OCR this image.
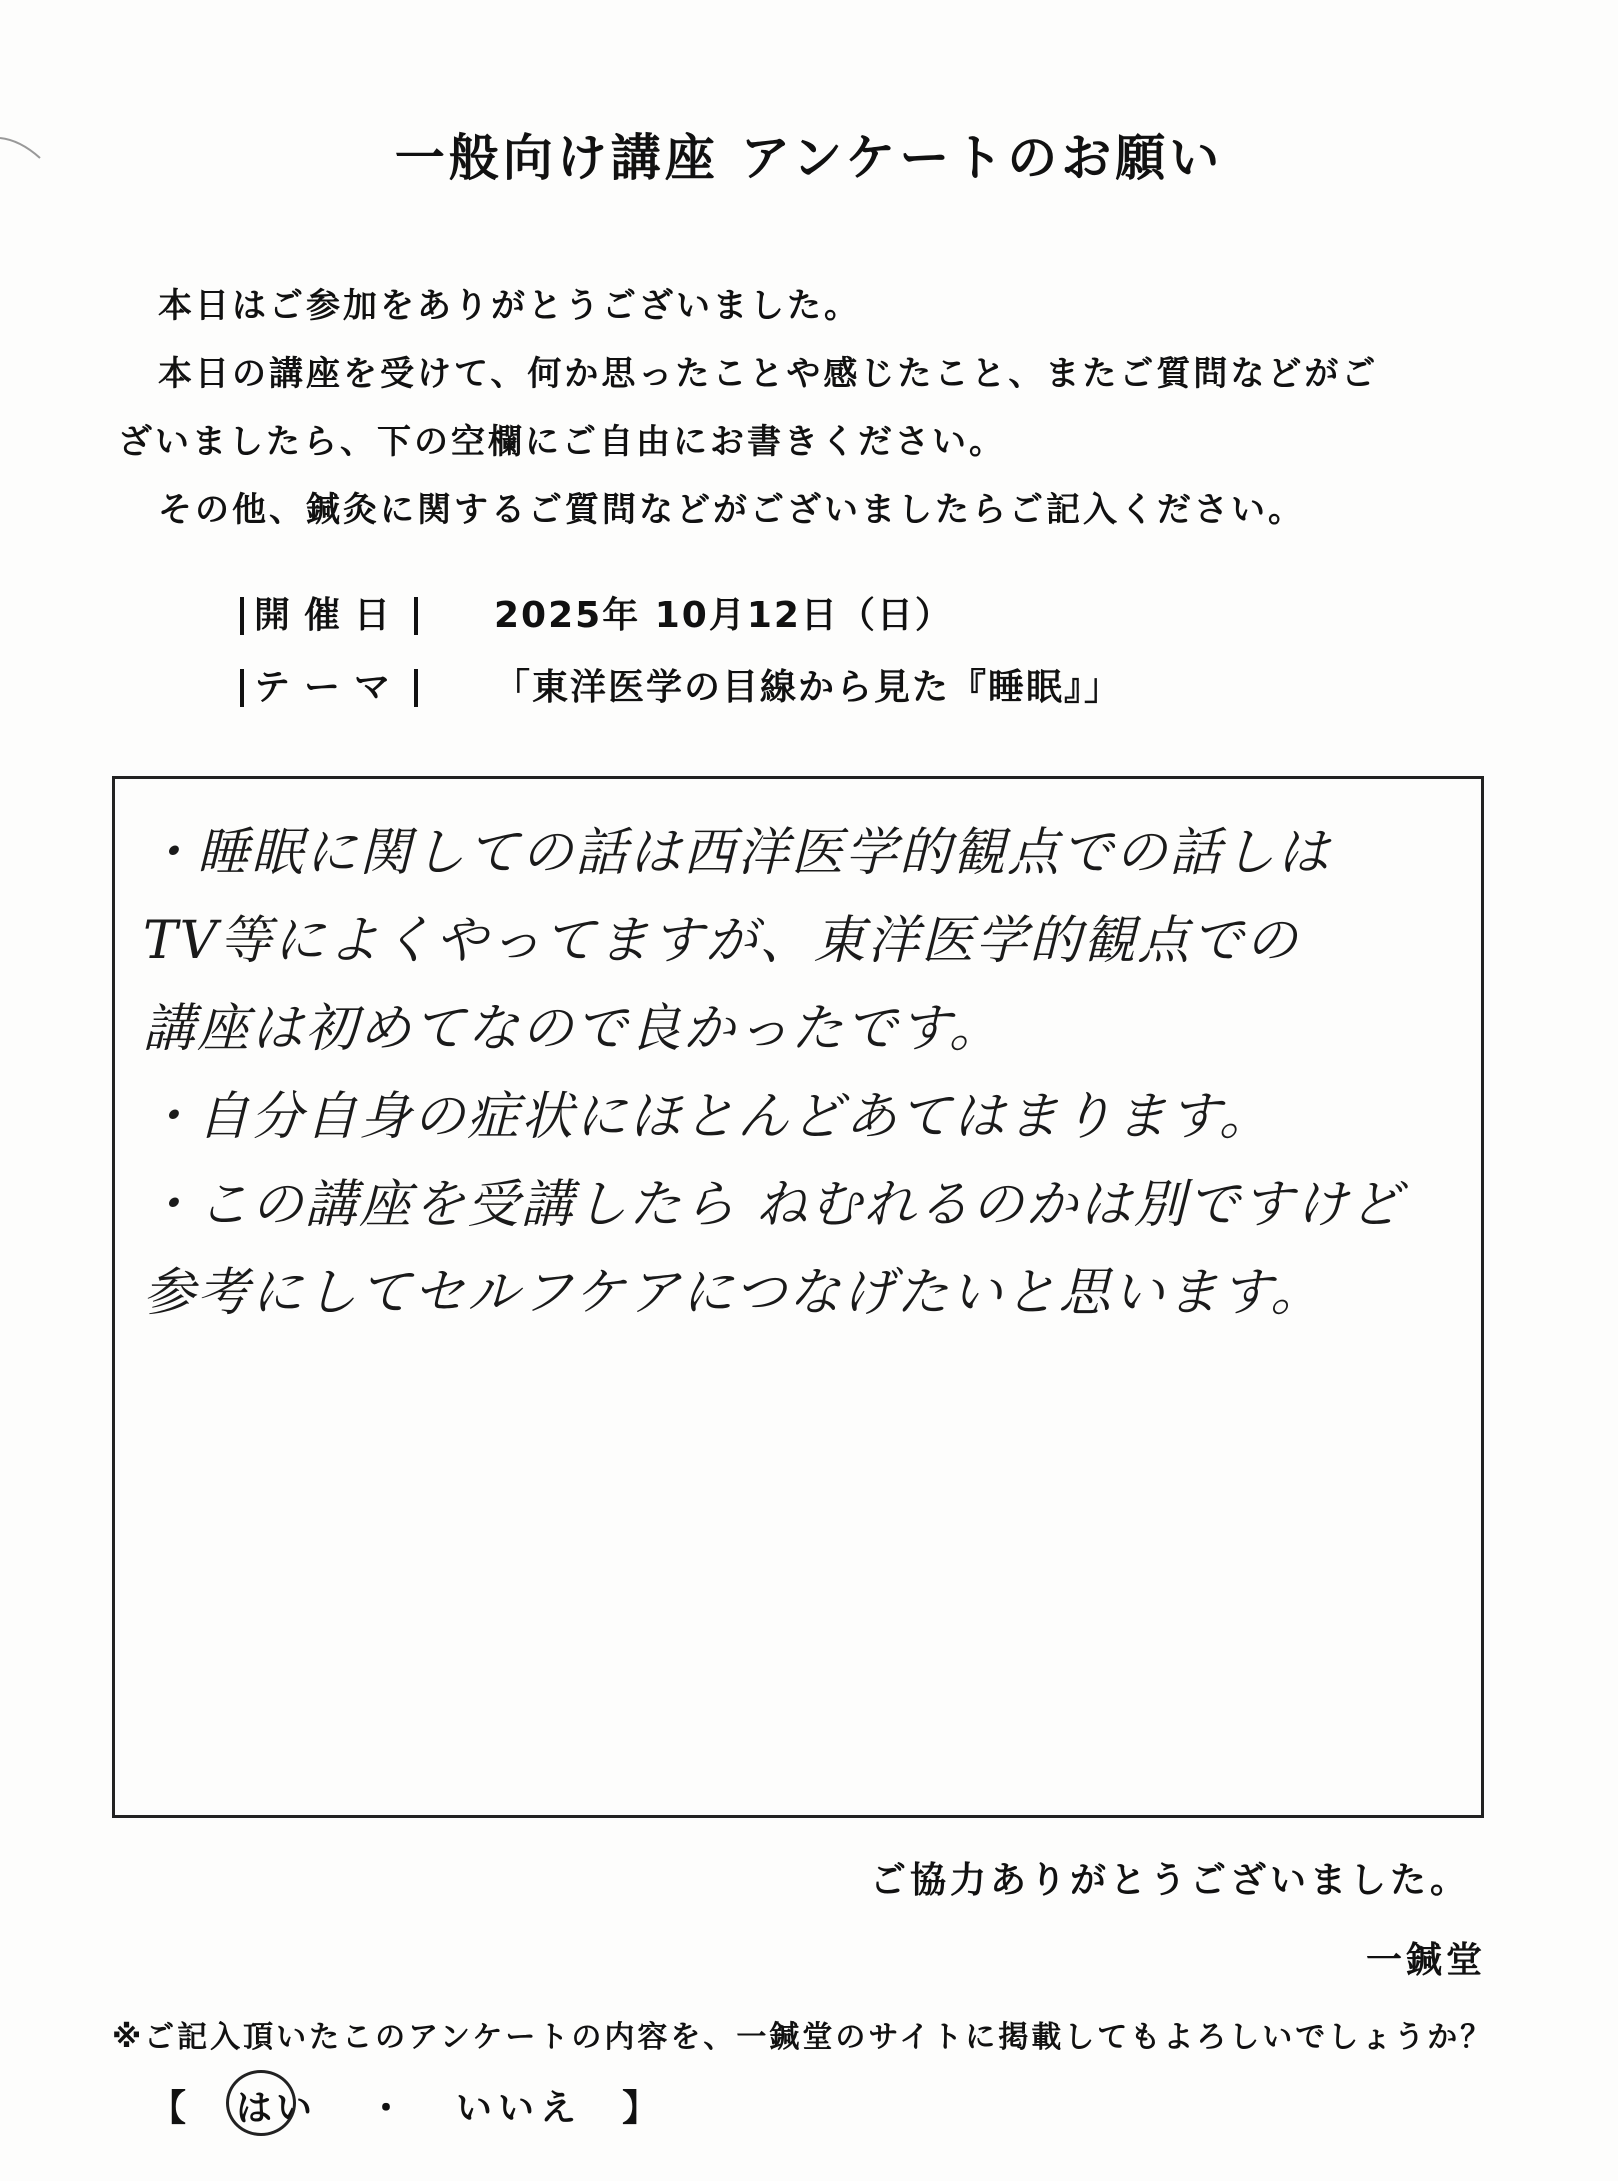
一般向け講座 アンケートのお願い

本日はご参加をありがとうございました。

本日の講座を受けて、何か思ったことや感じたこと、またご質問などがご

ざいましたら、下の空欄にご自由にお書きください。

その他、鍼灸に関するご質問などがございましたらご記入ください。

開催日 2025年 10月12日（日）
テーマ 「東洋医学の目線から見た『睡眠』」
・睡眠に関しての話は西洋医学的観点での話しは
TV等によくやってますが、東洋医学的観点での
講座は初めてなので良かったです。
・自分自身の症状にほとんどあてはまります。
・この講座を受講したら ねむれるのかは別ですけど
参考にしてセルフケアにつなげたいと思います。
ご協力ありがとうございました。
一鍼堂
※ご記入頂いたこのアンケートの内容を、一鍼堂のサイトに掲載してもよろしいでしょうか？
【 はい ・ いいえ 】
